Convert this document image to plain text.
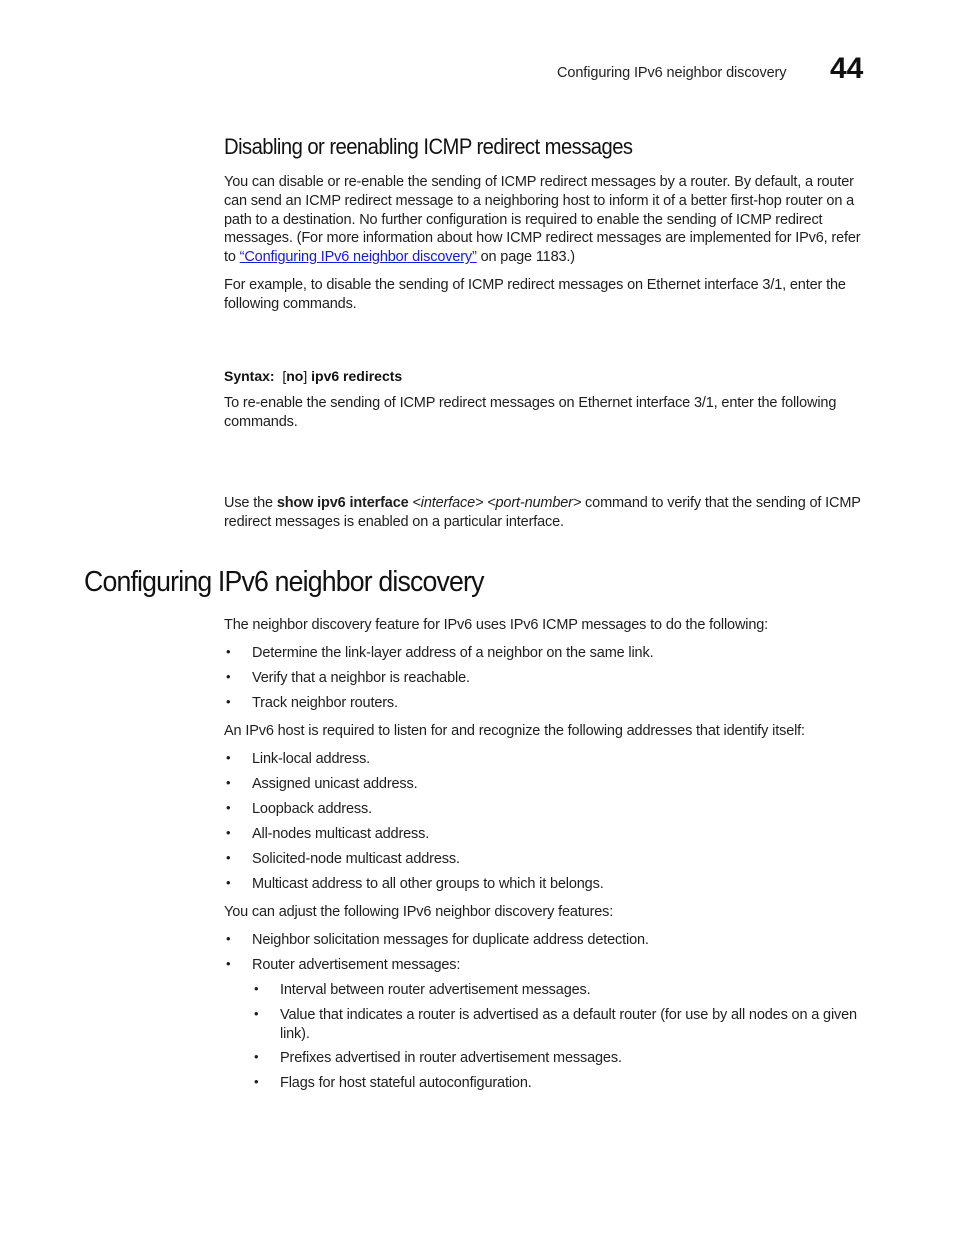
Configuring IPv6 neighbor discovery 44
Disabling or reenabling ICMP redirect messages
You can disable or re-enable the sending of ICMP redirect messages by a router. By default, a router can send an ICMP redirect message to a neighboring host to inform it of a better first-hop router on a path to a destination. No further configuration is required to enable the sending of ICMP redirect messages. (For more information about how ICMP redirect messages are implemented for IPv6, refer to “Configuring IPv6 neighbor discovery” on page 1183.)
For example, to disable the sending of ICMP redirect messages on Ethernet interface 3/1, enter the following commands.
Syntax: [no] ipv6 redirects
To re-enable the sending of ICMP redirect messages on Ethernet interface 3/1, enter the following commands.
Use the show ipv6 interface <interface> <port-number> command to verify that the sending of ICMP redirect messages is enabled on a particular interface.
Configuring IPv6 neighbor discovery
The neighbor discovery feature for IPv6 uses IPv6 ICMP messages to do the following:
• Determine the link-layer address of a neighbor on the same link.
• Verify that a neighbor is reachable.
• Track neighbor routers.
An IPv6 host is required to listen for and recognize the following addresses that identify itself:
• Link-local address.
• Assigned unicast address.
• Loopback address.
• All-nodes multicast address.
• Solicited-node multicast address.
• Multicast address to all other groups to which it belongs.
You can adjust the following IPv6 neighbor discovery features:
• Neighbor solicitation messages for duplicate address detection.
• Router advertisement messages:
• Interval between router advertisement messages.
• Value that indicates a router is advertised as a default router (for use by all nodes on a given link).
• Prefixes advertised in router advertisement messages.
• Flags for host stateful autoconfiguration.
